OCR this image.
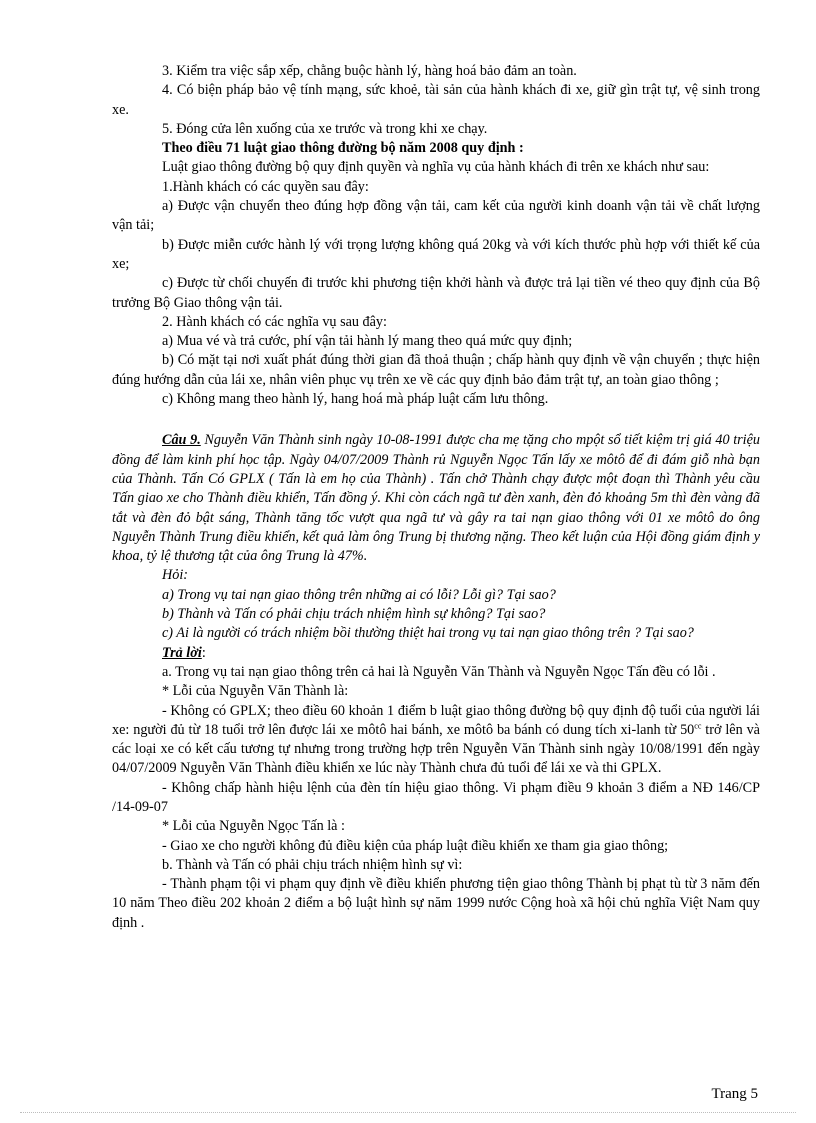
3. Kiểm tra việc sắp xếp, chằng buộc hành lý, hàng hoá bảo đảm an toàn.

4. Có biện pháp bảo vệ tính mạng, sức khoẻ, tài sản của hành khách đi xe, giữ gìn trật tự, vệ sinh trong xe.

5. Đóng cửa lên xuống của xe trước và trong khi xe chạy.

Theo điều 71 luật giao thông đường bộ năm 2008 quy định :

Luật giao thông đường bộ quy định quyền và nghĩa vụ của hành khách đi trên xe khách như sau:

1.Hành khách có các quyền sau đây:

a) Được vận chuyển theo đúng hợp đồng vận tải, cam kết của người kinh doanh vận tải về chất lượng vận tải;

b) Được miễn cước hành lý với trọng lượng không quá 20kg và với kích thước phù hợp với thiết kế của xe;

c) Được từ chối chuyến đi trước khi phương tiện khởi hành và được trả lại tiền vé theo quy định của Bộ trưởng Bộ Giao thông vận tải.

2. Hành khách có các nghĩa vụ sau đây:

a) Mua vé và trả cước, phí vận tải hành lý mang theo quá mức quy định;

b) Có mặt tại nơi xuất phát đúng thời gian đã thoả thuận ; chấp hành quy định về vận chuyển ; thực hiện đúng hướng dẫn của lái xe, nhân viên phục vụ trên xe về các quy định bảo đảm trật tự, an toàn giao thông ;

c) Không mang theo hành lý, hang hoá mà pháp luật cấm lưu thông.

Câu 9. Nguyễn Văn Thành sinh ngày 10-08-1991 được cha mẹ tặng cho mpột sổ tiết kiệm trị giá 40 triệu đồng để làm kinh phí học tập. Ngày 04/07/2009 Thành rủ Nguyễn Ngọc Tấn lấy xe môtô để đi đám giỗ nhà bạn của Thành. Tấn Có GPLX ( Tấn là em họ của Thành) . Tấn chở Thành chạy được một đoạn thì Thành yêu cầu Tấn giao xe cho Thành điều khiển, Tấn đồng ý. Khi còn cách ngã tư đèn xanh, đèn đỏ khoảng 5m thì đèn vàng đã tắt và đèn đỏ bật sáng, Thành tăng tốc vượt qua ngã tư và gây ra tai nạn giao thông với 01 xe môtô do ông Nguyễn Thành Trung điều khiển, kết quả làm ông Trung bị thương nặng. Theo kết luận của Hội đồng giám định y khoa, tỷ lệ thương tật của ông Trung là 47%.

Hỏi:

a) Trong vụ tai nạn giao thông trên những ai có lỗi? Lỗi gì? Tại sao?

b) Thành và Tấn có phải chịu trách nhiệm hình sự không? Tại sao?

c) Ai là người có trách nhiệm bồi thường thiệt hai trong vụ tai nạn giao thông trên ? Tại sao?

Trả lời:

a. Trong vụ tai nạn giao thông trên cả hai là Nguyễn Văn Thành và Nguyễn Ngọc Tấn đều có lỗi .

* Lỗi của Nguyễn Văn Thành là:

- Không có GPLX; theo điều 60 khoản 1 điểm b luật giao thông đường bộ quy định độ tuổi của người lái xe: người đủ từ 18 tuổi trở lên được lái xe môtô hai bánh, xe môtô ba bánh có dung tích xi-lanh từ $50^{cc}$ trở lên và các loại xe có kết cấu tương tự nhưng trong trường hợp trên Nguyễn Văn Thành sinh ngày 10/08/1991 đến ngày 04/07/2009 Nguyễn Văn Thành điều khiển xe lúc này Thành chưa đủ tuổi để lái xe và thi GPLX.

- Không chấp hành hiệu lệnh của đèn tín hiệu giao thông. Vi phạm điều 9 khoản 3 điểm a NĐ 146/CP /14-09-07

* Lỗi của Nguyễn Ngọc Tấn là :

- Giao xe cho người không đủ điều kiện của pháp luật điều khiển xe tham gia giao thông;

b. Thành và Tấn có phải chịu trách nhiệm hình sự vì:

- Thành phạm tội vi phạm quy định về điều khiển phương tiện giao thông Thành bị phạt tù từ 3 năm đến 10 năm Theo điều 202 khoản 2 điểm a bộ luật hình sự năm 1999 nước Cộng hoà xã hội chủ nghĩa Việt Nam quy định .

Trang 5
